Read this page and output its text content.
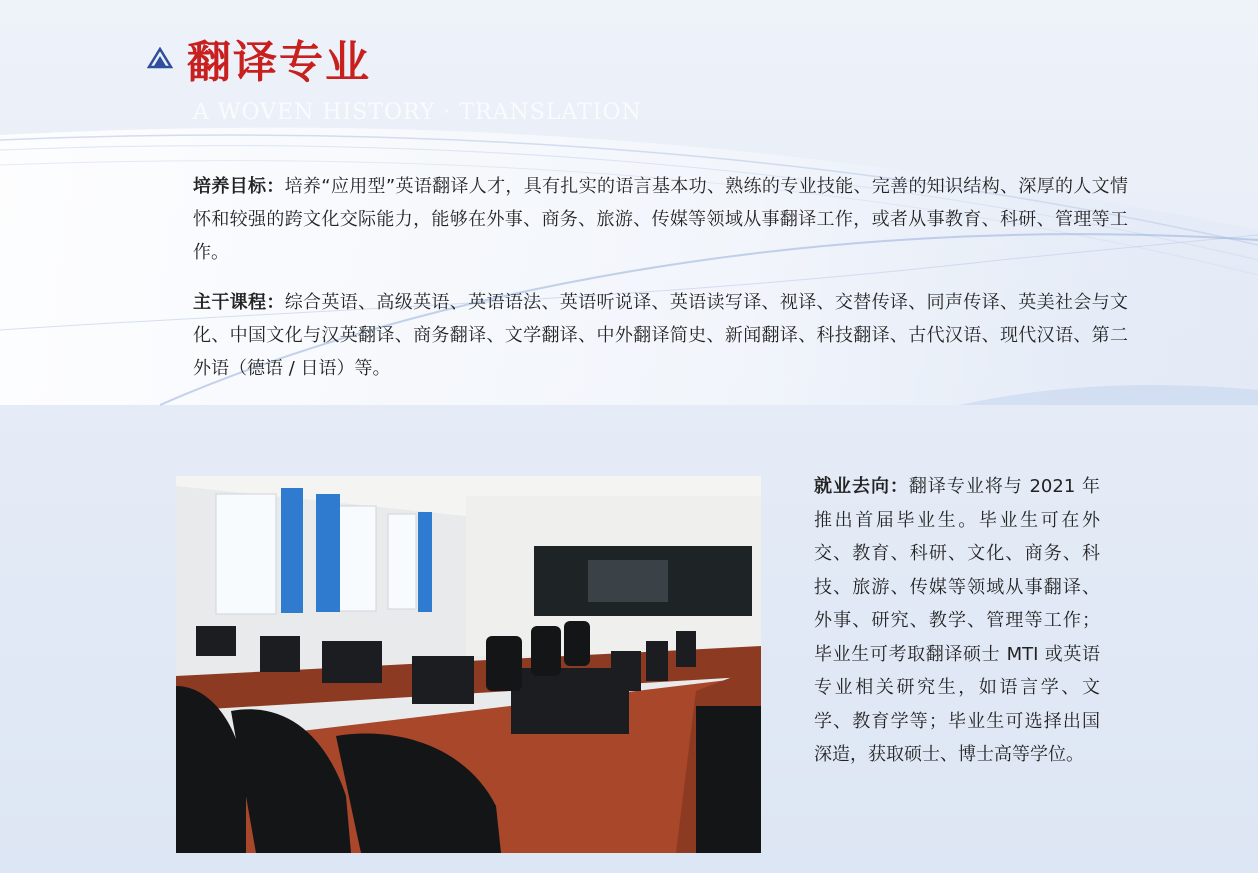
翻译专业
A WOVEN HISTORY · TRANSLATION
培养目标：培养“应用型”英语翻译人才，具有扎实的语言基本功、熟练的专业技能、完善的知识结构、深厚的人文情怀和较强的跨文化交际能力，能够在外事、商务、旅游、传媒等领域从事翻译工作，或者从事教育、科研、管理等工作。
主干课程：综合英语、高级英语、英语语法、英语听说译、英语读写译、视译、交替传译、同声传译、英美社会与文化、中国文化与汉英翻译、商务翻译、文学翻译、中外翻译简史、新闻翻译、科技翻译、古代汉语、现代汉语、第二外语（德语 / 日语）等。
就业去向：翻译专业将与 2021 年推出首届毕业生。毕业生可在外交、教育、科研、文化、商务、科技、旅游、传媒等领域从事翻译、外事、研究、教学、管理等工作；毕业生可考取翻译硕士 MTI 或英语专业相关研究生，如语言学、文学、教育学等；毕业生可选择出国深造，获取硕士、博士高等学位。
